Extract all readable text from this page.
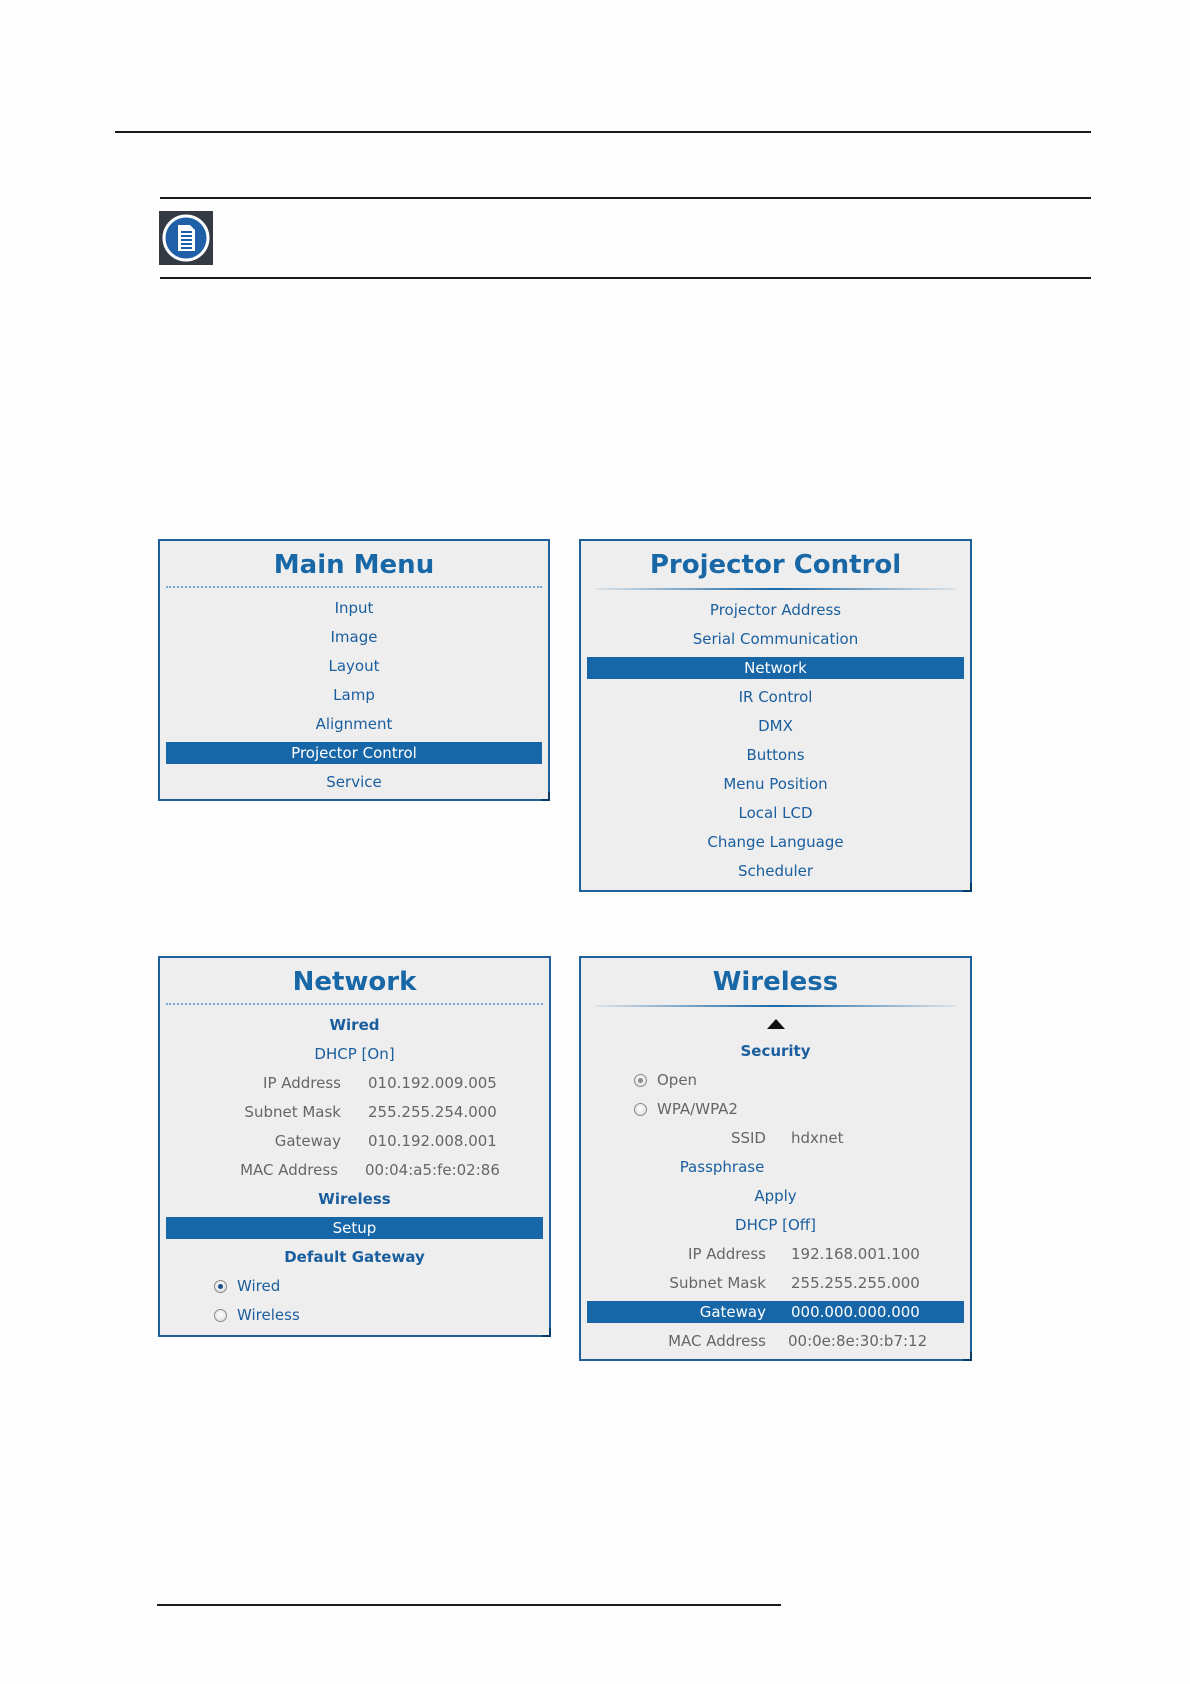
Main Menu
Input
Image
Layout
Lamp
Alignment
Projector Control
Service
Projector Control
Projector Address
Serial Communication
Network
IR Control
DMX
Buttons
Menu Position
Local LCD
Change Language
Scheduler
Network
Wired
DHCP [On]
IP Address 010.192.009.005
Subnet Mask 255.255.254.000
Gateway 010.192.008.001
MAC Address 00:04:a5:fe:02:86
Wireless
Setup
Default Gateway
Wired
Wireless
Wireless
Security
Open
WPA/WPA2
SSID hdxnet
Passphrase
Apply
DHCP [Off]
IP Address 192.168.001.100
Subnet Mask 255.255.255.000
Gateway 000.000.000.000
MAC Address 00:0e:8e:30:b7:12
